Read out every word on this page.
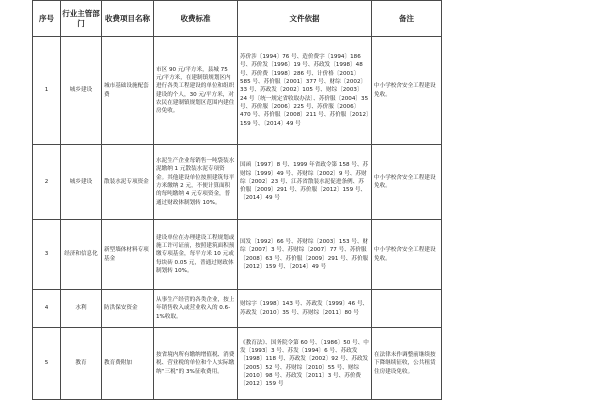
序号	行业主管部门	收费项目名称	收费标准	文件依据	备注
1	城乡建设	城市基础设施配套费	市区 90 元/平方米，县城 75 元/平方米，在建制镇规划区内进行各类工程建设的单位和组织建设的个人，30 元/平方米，对农民在建制镇规划区范围内建住房免收。	苏价涉〔1994〕76 号、造价费字〔1994〕186 号、苏价发〔1996〕19 号、苏政发〔1998〕48 号、苏价费〔1998〕286 号、计价格〔2001〕585 号、苏价服〔2001〕377 号、财综〔2002〕33 号、苏政发〔2002〕105 号、财综〔2003〕24 号〔统一规定省收取办法〕、苏价服〔2004〕35 号、苏价服〔2006〕225 号、苏价服〔2006〕470 号、苏价服〔2008〕211 号、苏价服〔2012〕159 号、〔2014〕49 号	中小学校舍安全工程建设免收。
2	城乡建设	散装水泥专项资金	水泥生产企业每销售一吨袋装水泥缴纳 1 元散装水泥专项资金。其他建设单位按照建筑每平方米缴纳 2 元，不便计算面积的每吨缴纳 4 元专项资金，普通过财政体制划转 10%。	国函〔1997〕8 号、1999 年省政令第 158 号、苏财综〔1999〕49 号、苏财综〔2002〕9 号、苏财综〔2002〕23 号、江苏省散装水泥促进条例、苏价服〔2009〕291 号、苏价服〔2012〕159 号、〔2014〕49 号	中小学校舍安全工程建设免收。
3	经济和信息化	新型墙体材料专项基金	建设单位在办理建设工程规划或施工许可证前，按照建筑面积预缴专项基金，每平方米 10 元或每块砖 0.05 元，普通过财政体制划转 10%。	国发〔1992〕66 号、苏财综〔2003〕153 号、财综〔2007〕3 号、苏财综〔2007〕77 号、苏价服〔2008〕63 号、苏价服〔2009〕291 号、苏价服〔2012〕159 号、〔2014〕49 号	中小学校舍安全工程建设免收。
4	水利	防洪保安资金	从事生产经营的各类企业，按上年销售收入或营业收入的 0.6-1%收取。	财综字〔1998〕143 号、苏政发〔1999〕46 号、苏政发〔2010〕35 号、苏财综〔2011〕80 号	
5	教育	教育费附加	按省境内所有缴纳增值税、消费税、营业税的单位和个人实际缴纳“三税”的 3%征收费用。	《教育法》、国务院令第 60 号、〔1986〕50 号、中发〔1993〕3 号、苏发〔1994〕6 号、苏政发〔1998〕118 号、苏政发〔2002〕92 号、苏政发〔2005〕52 号、苏财综〔2010〕55 号、财综〔2010〕98 号、苏政发〔2011〕3 号、苏价费〔2012〕159 号	在法律未作调整前继续按下降继续征收，公共租赁住房建设免收。
